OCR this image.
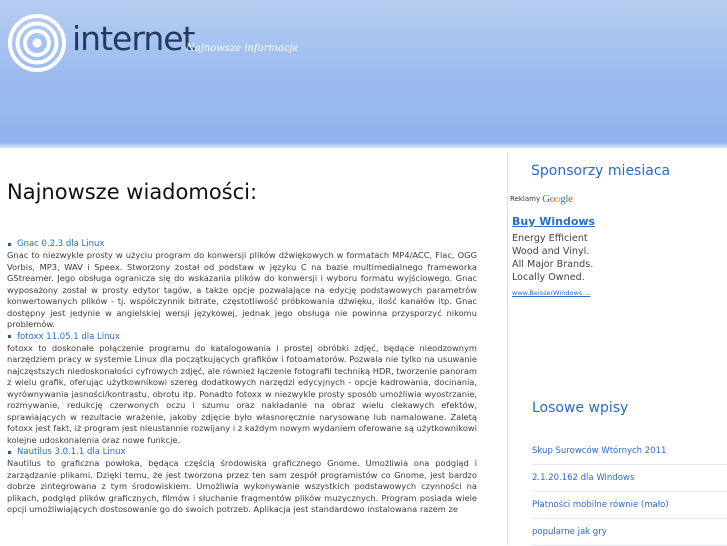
internet
Najnowsze informacje
Najnowsze wiadomości:
Gnac 0.2.3 dla Linux

Gnac to niezwykle prosty w użyciu program do konwersji plików dźwiękowych w formatach MP4/ACC, Flac, OGG Vorbis, MP3, WAV i Speex. Stworzony został od podstaw w języku C na bazie multimedialnego frameworka GStreamer. Jego obsługa ogranicza się do wskazania plików do konwersji i wyboru formatu wyjściowego. Gnac wyposażony został w prosty edytor tagów, a także opcje pozwalające na edycję podstawowych parametrów konwertowanych plików - tj. współczynnik bitrate, częstotliwość próbkowania dźwięku, ilość kanałów itp. Gnac dostępny jest jedynie w angielskiej wersji językowej, jednak jego obsługa nie powinna przysporzyć nikomu problemów.

fotoxx 11.05.1 dla Linux

fotoxx to doskonałe połączenie programu do katalogowania i prostej obróbki zdjęć, będące nieodzownym narzędziem pracy w systemie Linux dla początkujących grafików i fotoamatorów. Pozwala nie tylko na usuwanie najczęstszych niedoskonałości cyfrowych zdjęć, ale również łączenie fotografii techniką HDR, tworzenie panoram z wielu grafik, oferując użytkownikowi szereg dodatkowych narzędzi edycyjnych - opcje kadrowania, docinania, wyrównywania jasności/kontrastu, obrotu itp. Ponadto fotoxx w niezwykle prosty sposób umożliwia wyostrzanie, rozmywanie, redukcję czerwonych oczu i szumu oraz nakładanie na obraz wielu ciekawych efektów, sprawiających w rezultacie wrażenie, jakoby zdjęcie było własnoręcznie narysowane lub namalowane. Zaletą fotoxx jest fakt, iż program jest nieustannie rozwijany i z każdym nowym wydaniem oferowane są użytkownikowi kolejne udoskonalenia oraz nowe funkcje.

Nautilus 3.0.1.1 dla Linux

Nautilus to graficzna powłoka, będąca częścią środowiska graficznego Gnome. Umożliwia ona podgląd i zarządzanie plikami. Dzięki temu, że jest tworzona przez ten sam zespół programistów co Gnome, jest bardzo dobrze zintegrowana z tym środowiskiem. Umożliwia wykonywanie wszystkich podstawowych czynności na plikach, podgląd plików graficznych, filmów i słuchanie fragmentów plików muzycznych. Program posiada wiele opcji umożliwiających dostosowanie go do swoich potrzeb. Aplikacja jest standardowo instalowana razem ze

Sponsorzy miesiaca
Reklamy Google
Buy Windows
Energy Efficient
Wood and Vinyl.
All Major Brands.
Locally Owned.
www.BeisserWindows....
Losowe wpisy
Skup Surowców Wtórnych 2011
2.1.20.162 dla Windows
Płatności mobilne równie (mało)
popularne jak gry
